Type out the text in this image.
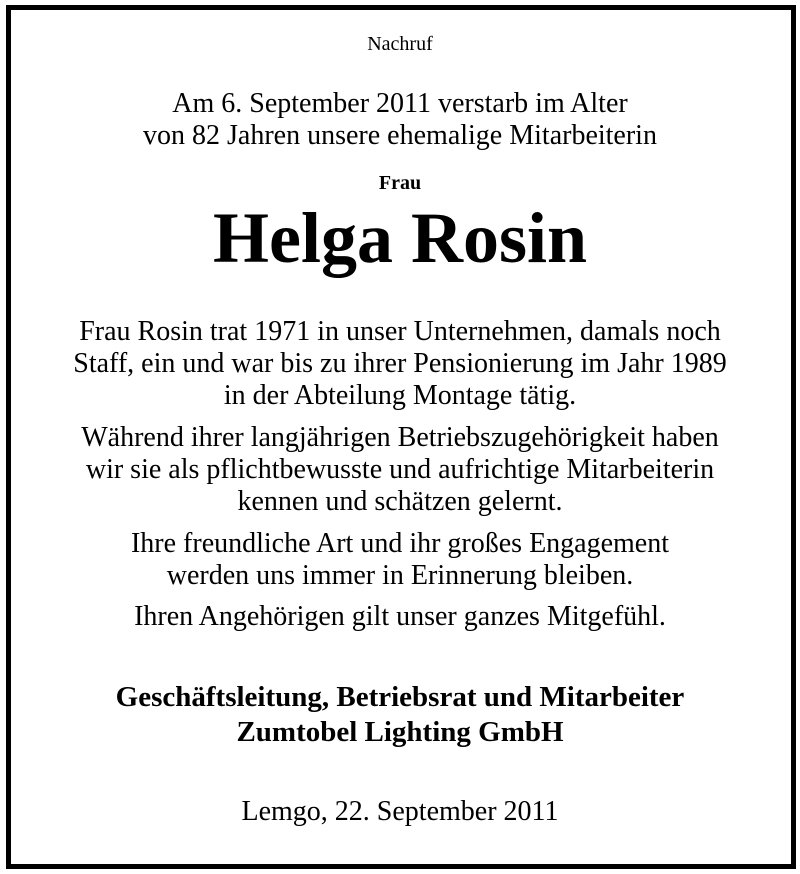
Nachruf
Am 6. September 2011 verstarb im Alter
von 82 Jahren unsere ehemalige Mitarbeiterin
Frau
Helga Rosin
Frau Rosin trat 1971 in unser Unternehmen, damals noch
Staff, ein und war bis zu ihrer Pensionierung im Jahr 1989
in der Abteilung Montage tätig.
Während ihrer langjährigen Betriebszugehörigkeit haben
wir sie als pflichtbewusste und aufrichtige Mitarbeiterin
kennen und schätzen gelernt.
Ihre freundliche Art und ihr großes Engagement
werden uns immer in Erinnerung bleiben.
Ihren Angehörigen gilt unser ganzes Mitgefühl.
Geschäftsleitung, Betriebsrat und Mitarbeiter
Zumtobel Lighting GmbH
Lemgo, 22. September 2011
